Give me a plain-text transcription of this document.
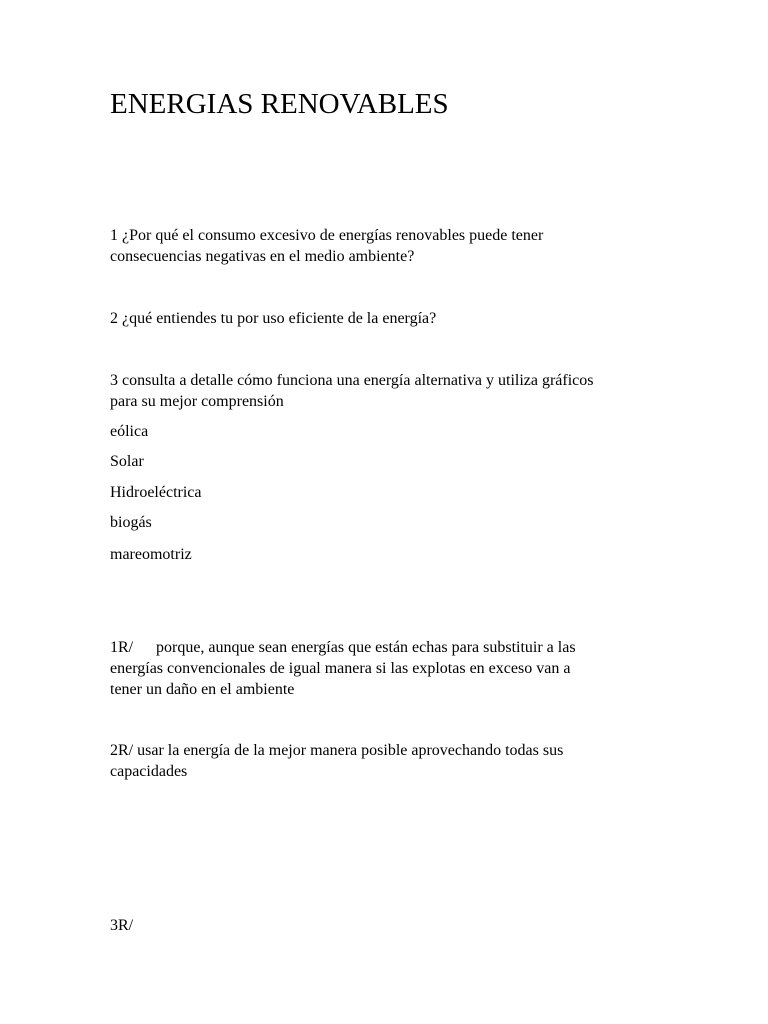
ENERGIAS RENOVABLES
1 ¿Por qué el consumo excesivo de energías renovables puede tener
consecuencias negativas en el medio ambiente?
2 ¿qué entiendes tu por uso eficiente de la energía?
3 consulta a detalle cómo funciona una energía alternativa y utiliza gráficos
para su mejor comprensión
eólica
Solar
Hidroeléctrica
biogás
mareomotriz
1R/ porque, aunque sean energías que están echas para substituir a las
energías convencionales de igual manera si las explotas en exceso van a
tener un daño en el ambiente
2R/ usar la energía de la mejor manera posible aprovechando todas sus
capacidades
3R/
